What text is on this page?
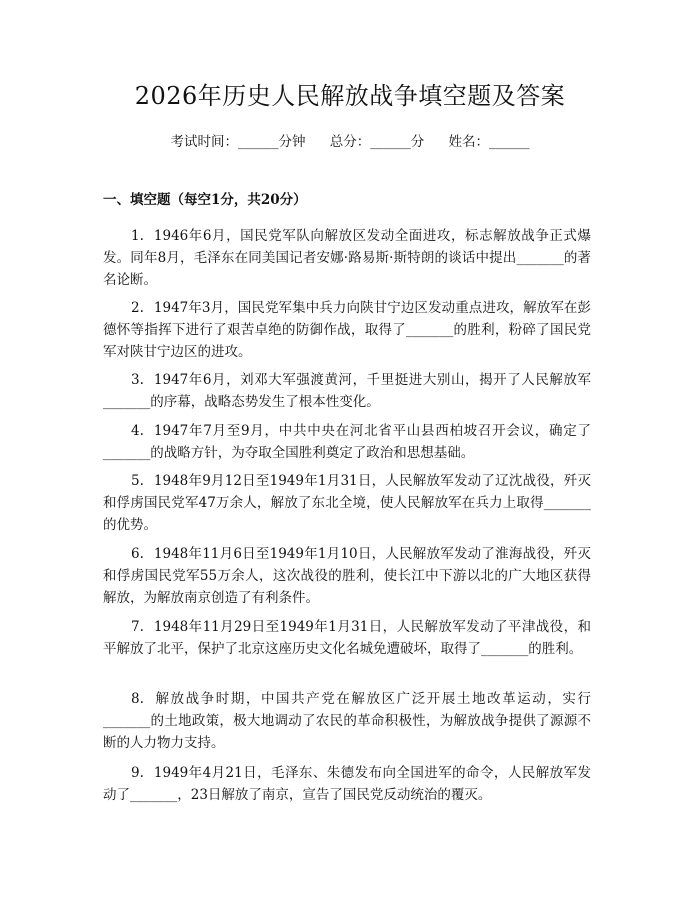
2026年历史人民解放战争填空题及答案
考试时间：______分钟 总分：______分 姓名：______
一、填空题（每空1分，共20分）
1. 1946年6月，国民党军队向解放区发动全面进攻，标志解放战争正式爆发。同年8月，毛泽东在同美国记者安娜·路易斯·斯特朗的谈话中提出_______的著名论断。
2. 1947年3月，国民党军集中兵力向陕甘宁边区发动重点进攻，解放军在彭德怀等指挥下进行了艰苦卓绝的防御作战，取得了_______的胜利，粉碎了国民党军对陕甘宁边区的进攻。
3. 1947年6月，刘邓大军强渡黄河，千里挺进大别山，揭开了人民解放军_______的序幕，战略态势发生了根本性变化。
4. 1947年7月至9月，中共中央在河北省平山县西柏坡召开会议，确定了_______的战略方针，为夺取全国胜利奠定了政治和思想基础。
5. 1948年9月12日至1949年1月31日，人民解放军发动了辽沈战役，歼灭和俘虏国民党军47万余人，解放了东北全境，使人民解放军在兵力上取得_______的优势。
6. 1948年11月6日至1949年1月10日，人民解放军发动了淮海战役，歼灭和俘虏国民党军55万余人，这次战役的胜利，使长江中下游以北的广大地区获得解放，为解放南京创造了有利条件。
7. 1948年11月29日至1949年1月31日，人民解放军发动了平津战役，和平解放了北平，保护了北京这座历史文化名城免遭破坏，取得了_______的胜利。
8. 解放战争时期，中国共产党在解放区广泛开展土地改革运动，实行_______的土地政策，极大地调动了农民的革命积极性，为解放战争提供了源源不断的人力物力支持。
9. 1949年4月21日，毛泽东、朱德发布向全国进军的命令，人民解放军发动了_______，23日解放了南京，宣告了国民党反动统治的覆灭。
